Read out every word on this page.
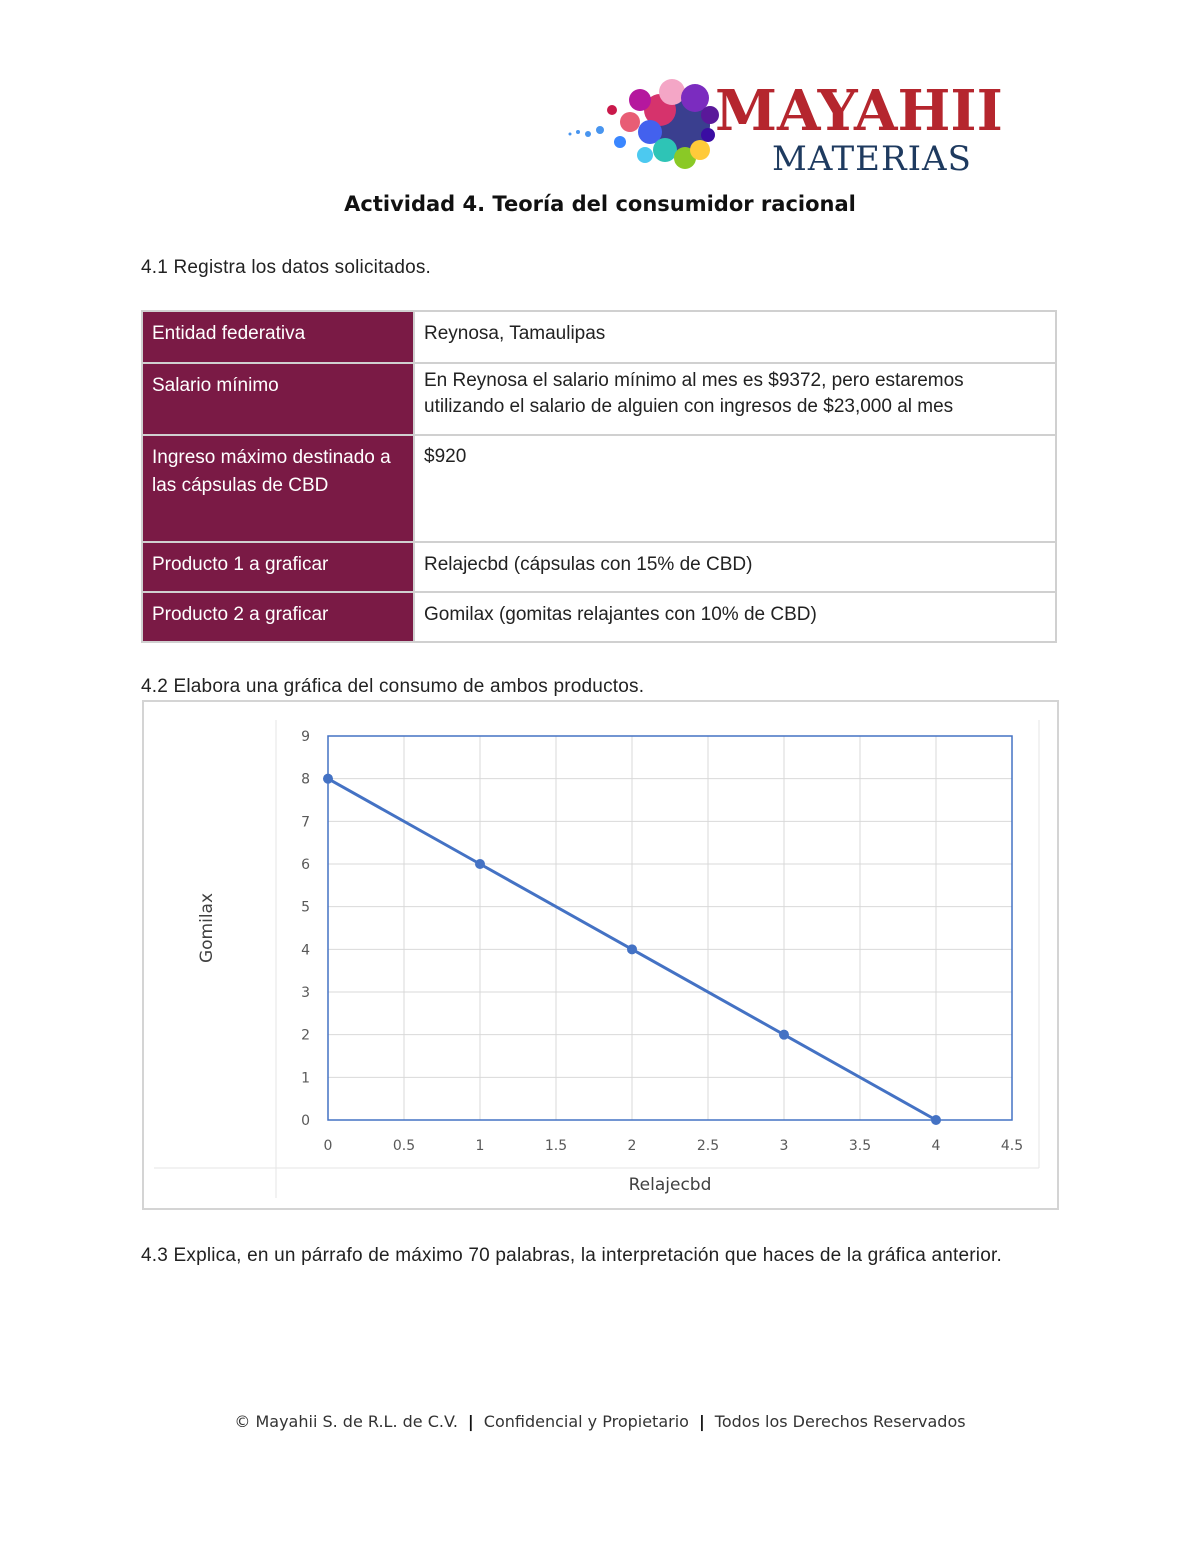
MAYAHII
MATERIAS
Actividad 4. Teoría del consumidor racional
4.1 Registra los datos solicitados.
Entidad federativa	Reynosa, Tamaulipas
Salario mínimo	En Reynosa el salario mínimo al mes es $9372, pero estaremos utilizando el salario de alguien con ingresos de $23,000 al mes
Ingreso máximo destinado a las cápsulas de CBD	$920
Producto 1 a graficar	Relajecbd (cápsulas con 15% de CBD)
Producto 2 a graficar	Gomilax (gomitas relajantes con 10% de CBD)
4.2 Elabora una gráfica del consumo de ambos productos.
0	0.5	1	1.5	2	2.5	3	3.5	4	4.5
0
1
2
3
4
5
6
7
8
9
Relajecbd
Gomilax
4.3 Explica, en un párrafo de máximo 70 palabras, la interpretación que haces de la gráfica anterior.
© Mayahii S. de R.L. de C.V. | Confidencial y Propietario | Todos los Derechos Reservados
